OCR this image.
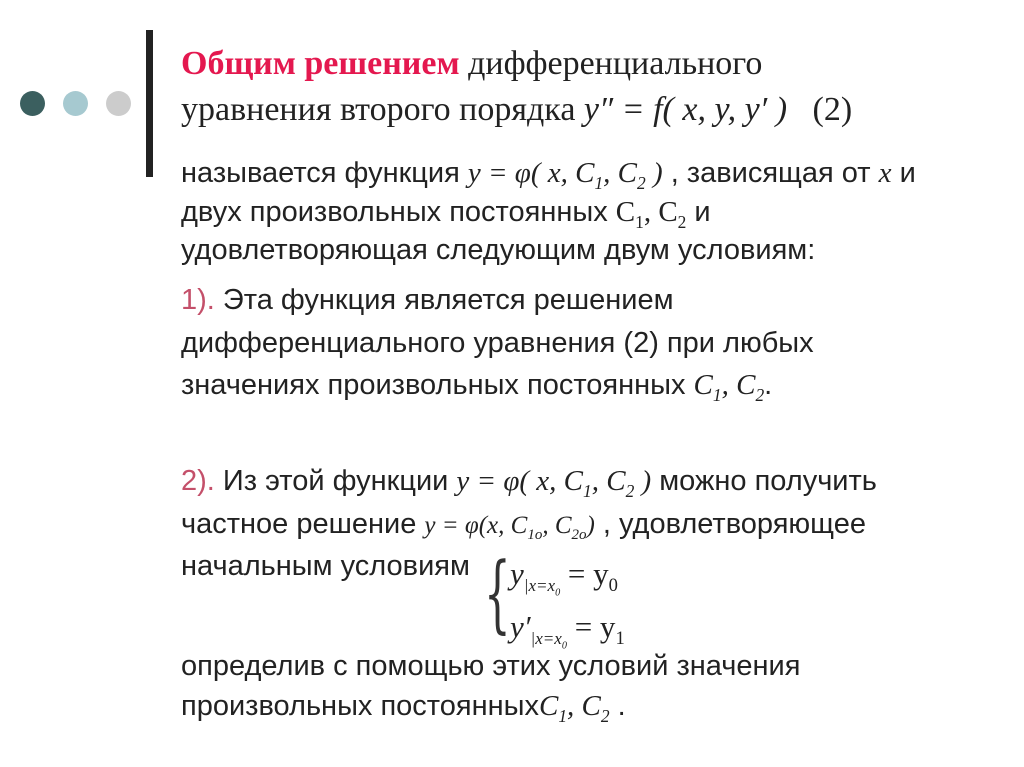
Общим решением дифференциального
уравнения второго порядка y″ = f( x, y, y′ ) (2)
называется функция y = φ( x, $C_1$, $C_2$ ) , зависящая от x и
двух произвольных постоянных $C_1$, $C_2$ и
удовлетворяющая следующим двум условиям:
1). Эта функция является решением
дифференциального уравнения (2) при любых
значениях произвольных постоянных $C_1$, $C_2$.
2). Из этой функции y = φ( x, $C_1$, $C_2$ ) можно получить
частное решение y = φ(x, $C_{1o}$, $C_{2o}$) , удовлетворяющее
начальным условиям { $y_{|x=x_0} = y_0$
$y'_{|x=x_0} = y_1$
определив с помощью этих условий значения
произвольных постоянныхC$_1$, $C_2$ .
